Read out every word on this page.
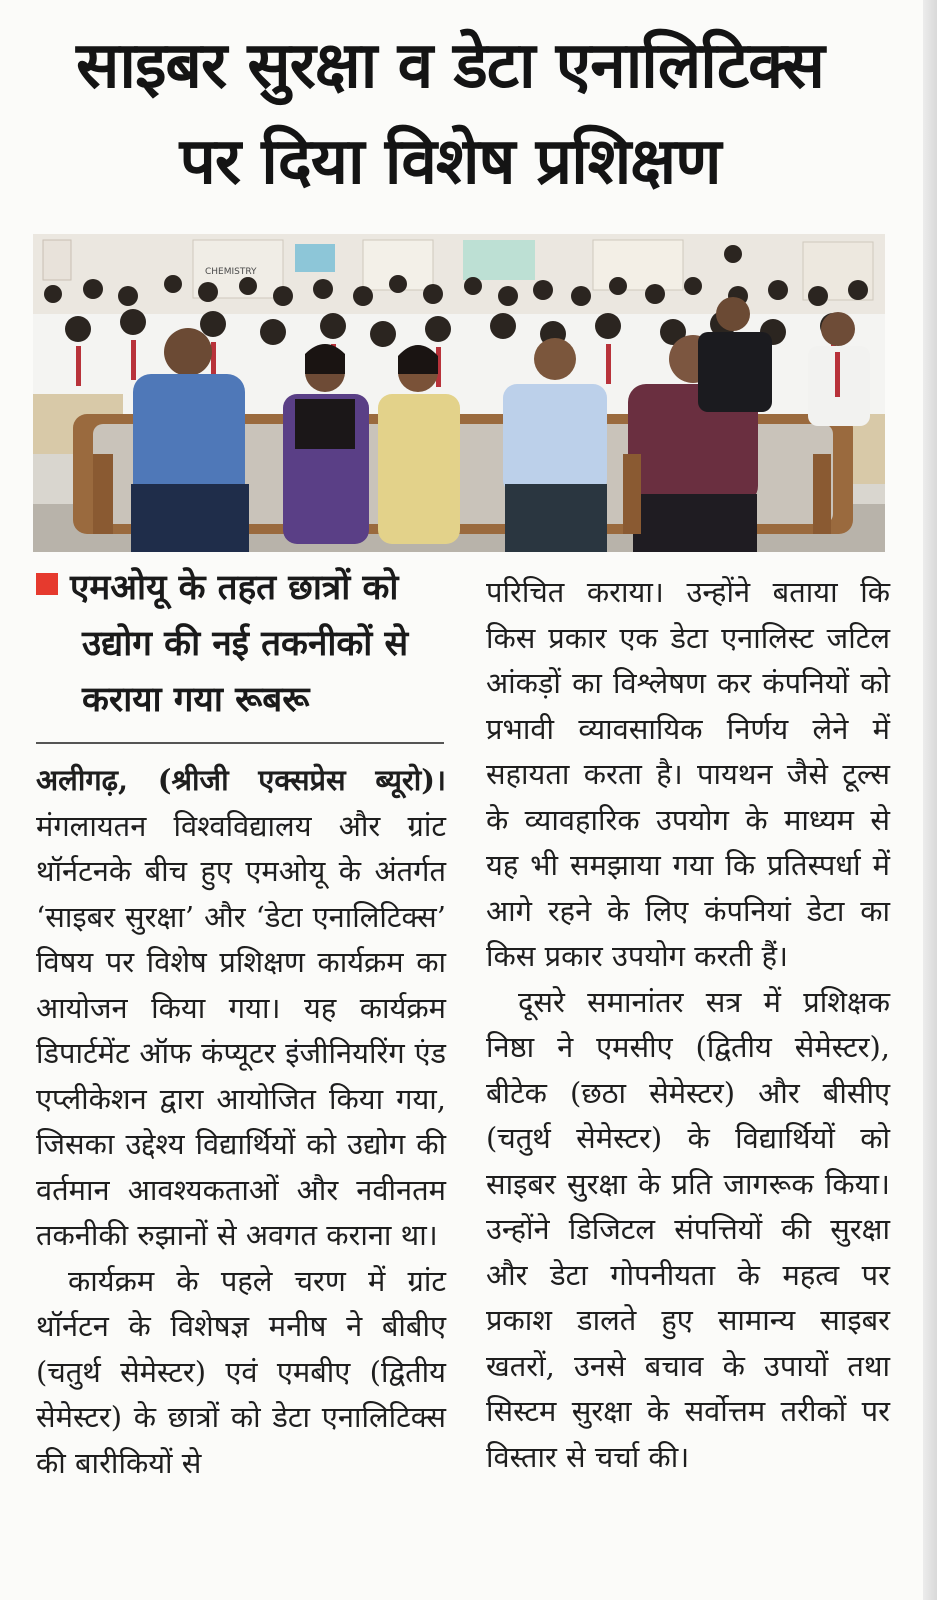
साइबर सुरक्षा व डेटा एनालिटिक्स
पर दिया विशेष प्रशिक्षण
CHEMISTRY
एमओयू के तहत छात्रों को
उद्योग की नई तकनीकों से
कराया गया रूबरू

अलीगढ़, (श्रीजी एक्सप्रेस ब्यूरो)। मंगलायतन विश्वविद्यालय और ग्रांट थॉर्नटनके बीच हुए एमओयू के अंतर्गत ‘साइबर सुरक्षा’ और ‘डेटा एनालिटिक्स’ विषय पर विशेष प्रशिक्षण कार्यक्रम का आयोजन किया गया। यह कार्यक्रम डिपार्टमेंट ऑफ कंप्यूटर इंजीनियरिंग एंड एप्लीकेशन द्वारा आयोजित किया गया, जिसका उद्देश्य विद्यार्थियों को उद्योग की वर्तमान आवश्यकताओं और नवीनतम तकनीकी रुझानों से अवगत कराना था।

कार्यक्रम के पहले चरण में ग्रांट थॉर्नटन के विशेषज्ञ मनीष ने बीबीए (चतुर्थ सेमेस्टर) एवं एमबीए (द्वितीय सेमेस्टर) के छात्रों को डेटा एनालिटिक्स की बारीकियों से

परिचित कराया। उन्होंने बताया कि किस प्रकार एक डेटा एनालिस्ट जटिल आंकड़ों का विश्लेषण कर कंपनियों को प्रभावी व्यावसायिक निर्णय लेने में सहायता करता है। पायथन जैसे टूल्स के व्यावहारिक उपयोग के माध्यम से यह भी समझाया गया कि प्रतिस्पर्धा में आगे रहने के लिए कंपनियां डेटा का किस प्रकार उपयोग करती हैं।

दूसरे समानांतर सत्र में प्रशिक्षक निष्ठा ने एमसीए (द्वितीय सेमेस्टर), बीटेक (छठा सेमेस्टर) और बीसीए (चतुर्थ सेमेस्टर) के विद्यार्थियों को साइबर सुरक्षा के प्रति जागरूक किया। उन्होंने डिजिटल संपत्तियों की सुरक्षा और डेटा गोपनीयता के महत्व पर प्रकाश डालते हुए सामान्य साइबर खतरों, उनसे बचाव के उपायों तथा सिस्टम सुरक्षा के सर्वोत्तम तरीकों पर विस्तार से चर्चा की।
